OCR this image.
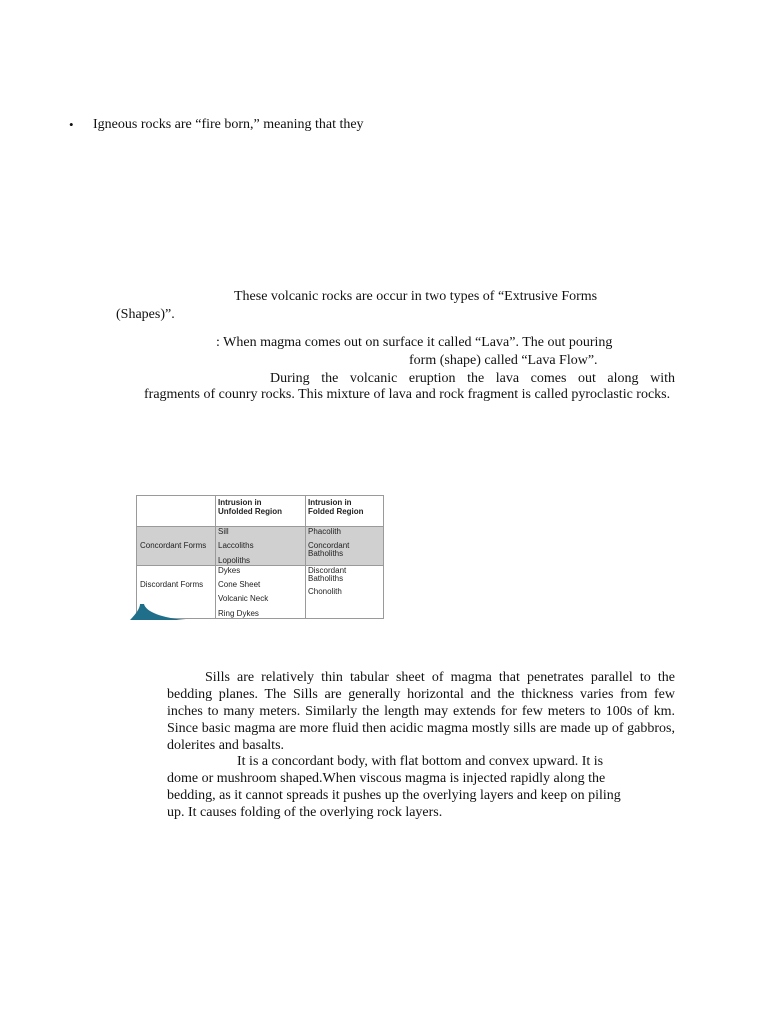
• Igneous rocks are “fire born,” meaning that they
These volcanic rocks are occur in two types of “Extrusive Forms
(Shapes)”.
: When magma comes out on surface it called “Lava”. The out pouring
form (shape) called “Lava Flow”.
During the volcanic eruption the lava comes out along with
fragments of counry rocks. This mixture of lava and rock fragment is called pyroclastic rocks.
Intrusion in
Unfolded Region
Intrusion in
Folded Region
Concordant Forms
Sill
Laccoliths
Lopoliths
Phacolith
Concordant
Batholiths
Discordant Forms
Dykes
Cone Sheet
Volcanic Neck
Ring Dykes
Discordant
Batholiths
Chonolith
Sills are relatively thin tabular sheet of magma that penetrates parallel to the bedding planes. The Sills are generally horizontal and the thickness varies from few inches to many meters. Similarly the length may extends for few meters to 100s of km. Since basic magma are more fluid then acidic magma mostly sills are made up of gabbros, dolerites and basalts.
It is a concordant body, with flat bottom and convex upward. It is
dome or mushroom shaped.When viscous magma is injected rapidly along the
bedding, as it cannot spreads it pushes up the overlying layers and keep on piling
up. It causes folding of the overlying rock layers.
